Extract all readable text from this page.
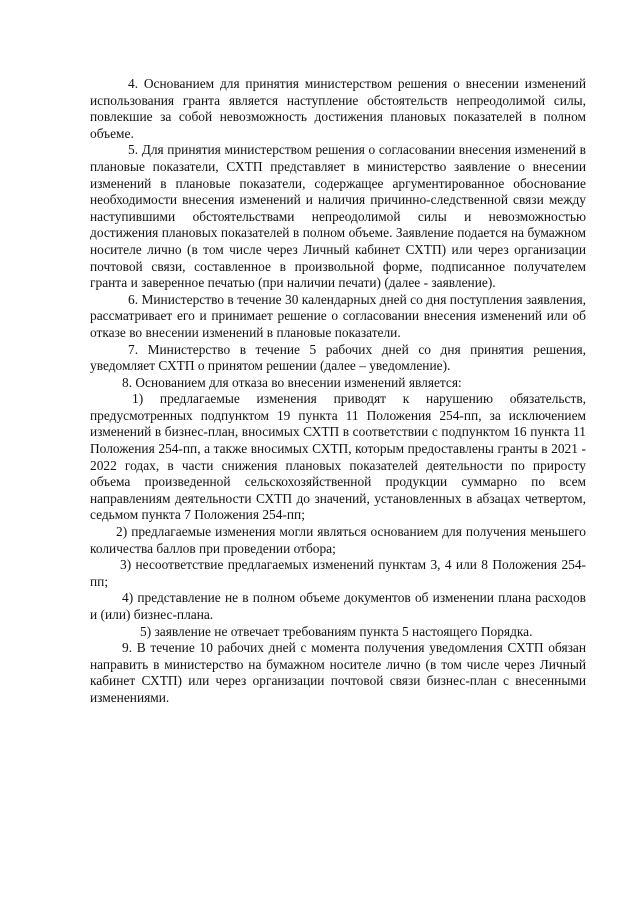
4. Основанием для принятия министерством решения о внесении изменений использования гранта является наступление обстоятельств непреодолимой силы, повлекшие за собой невозможность достижения плановых показателей в полном объеме.

5. Для принятия министерством решения о согласовании внесения изменений в плановые показатели, СХТП представляет в министерство заявление о внесении изменений в плановые показатели, содержащее аргументированное обоснование необходимости внесения изменений и наличия причинно-следственной связи между наступившими обстоятельствами непреодолимой силы и невозможностью достижения плановых показателей в полном объеме. Заявление подается на бумажном носителе лично (в том числе через Личный кабинет СХТП) или через организации почтовой связи, составленное в произвольной форме, подписанное получателем гранта и заверенное печатью (при наличии печати) (далее - заявление).

6. Министерство в течение 30 календарных дней со дня поступления заявления, рассматривает его и принимает решение о согласовании внесения изменений или об отказе во внесении изменений в плановые показатели.

7. Министерство в течение 5 рабочих дней со дня принятия решения, уведомляет СХТП о принятом решении (далее – уведомление).

8. Основанием для отказа во внесении изменений является:

1) предлагаемые изменения приводят к нарушению обязательств, предусмотренных подпунктом 19 пункта 11 Положения 254-пп, за исключением изменений в бизнес-план, вносимых СХТП в соответствии с подпунктом 16 пункта 11 Положения 254-пп, а также вносимых СХТП, которым предоставлены гранты в 2021 - 2022 годах, в части снижения плановых показателей деятельности по приросту объема произведенной сельскохозяйственной продукции суммарно по всем направлениям деятельности СХТП до значений, установленных в абзацах четвертом, седьмом пункта 7 Положения 254-пп;

2) предлагаемые изменения могли являться основанием для получения меньшего количества баллов при проведении отбора;

3) несоответствие предлагаемых изменений пунктам 3, 4 или 8 Положения 254-пп;

4) представление не в полном объеме документов об изменении плана расходов и (или) бизнес-плана.

5) заявление не отвечает требованиям пункта 5 настоящего Порядка.

9. В течение 10 рабочих дней с момента получения уведомления СХТП обязан направить в министерство на бумажном носителе лично (в том числе через Личный кабинет СХТП) или через организации почтовой связи бизнес-план с внесенными изменениями.
